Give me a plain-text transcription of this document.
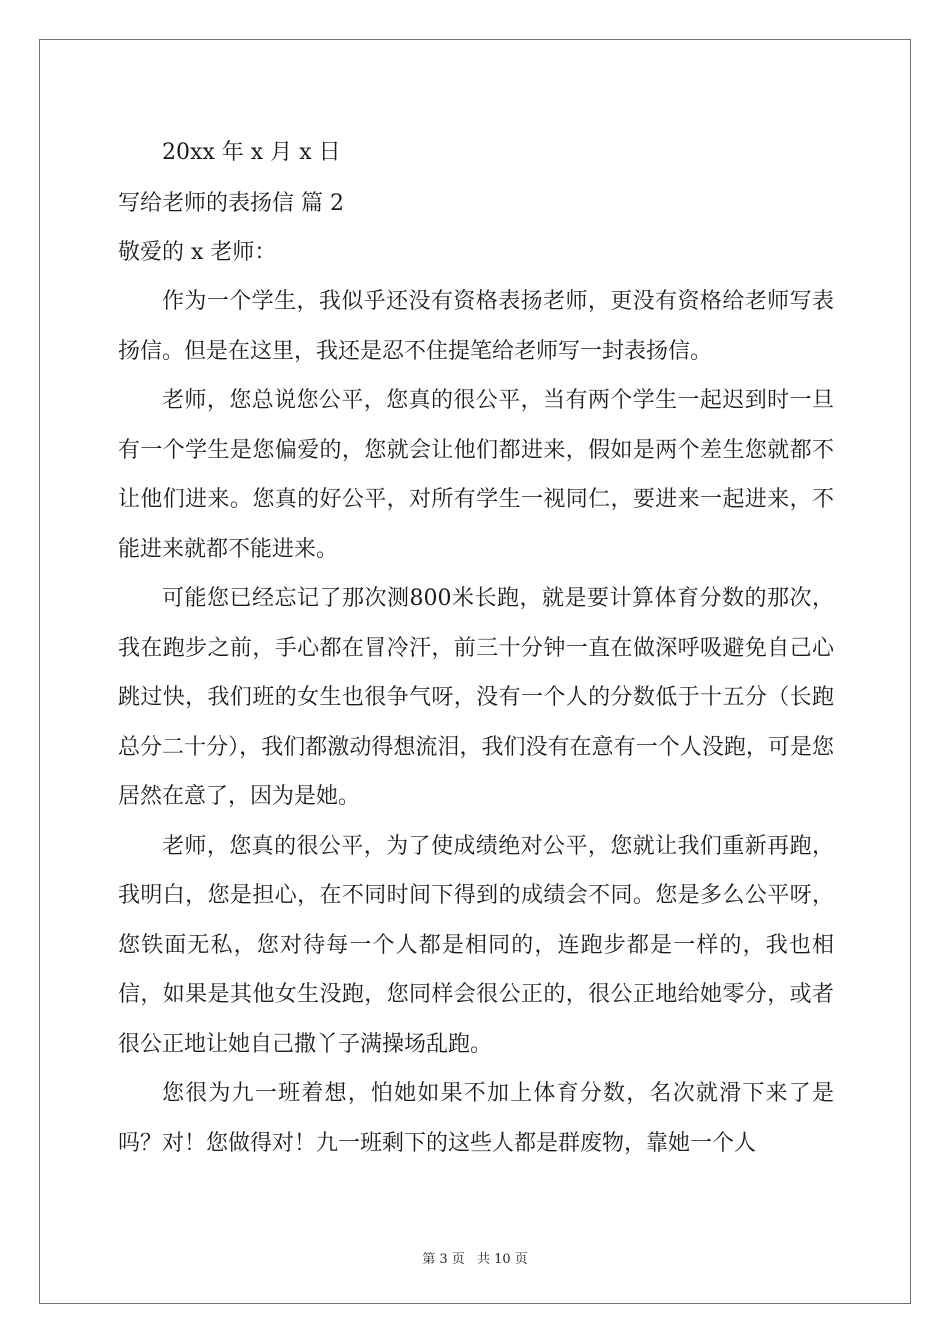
20xx 年 x 月 x 日
写给老师的表扬信 篇 2
敬爱的 x 老师：

作为一个学生，我似乎还没有资格表扬老师，更没有资格给老师写表扬信。但是在这里，我还是忍不住提笔给老师写一封表扬信。

老师，您总说您公平，您真的很公平，当有两个学生一起迟到时一旦有一个学生是您偏爱的，您就会让他们都进来，假如是两个差生您就都不让他们进来。您真的好公平，对所有学生一视同仁，要进来一起进来，不能进来就都不能进来。

可能您已经忘记了那次测800米长跑，就是要计算体育分数的那次，我在跑步之前，手心都在冒冷汗，前三十分钟一直在做深呼吸避免自己心跳过快，我们班的女生也很争气呀，没有一个人的分数低于十五分（长跑总分二十分），我们都激动得想流泪，我们没有在意有一个人没跑，可是您居然在意了，因为是她。

老师，您真的很公平，为了使成绩绝对公平，您就让我们重新再跑，我明白，您是担心，在不同时间下得到的成绩会不同。您是多么公平呀，您铁面无私，您对待每一个人都是相同的，连跑步都是一样的，我也相信，如果是其他女生没跑，您同样会很公正的，很公正地给她零分，或者很公正地让她自己撒丫子满操场乱跑。

您很为九一班着想，怕她如果不加上体育分数，名次就滑下来了是吗？对！您做得对！九一班剩下的这些人都是群废物，靠她一个人

第 3 页 共 10 页
